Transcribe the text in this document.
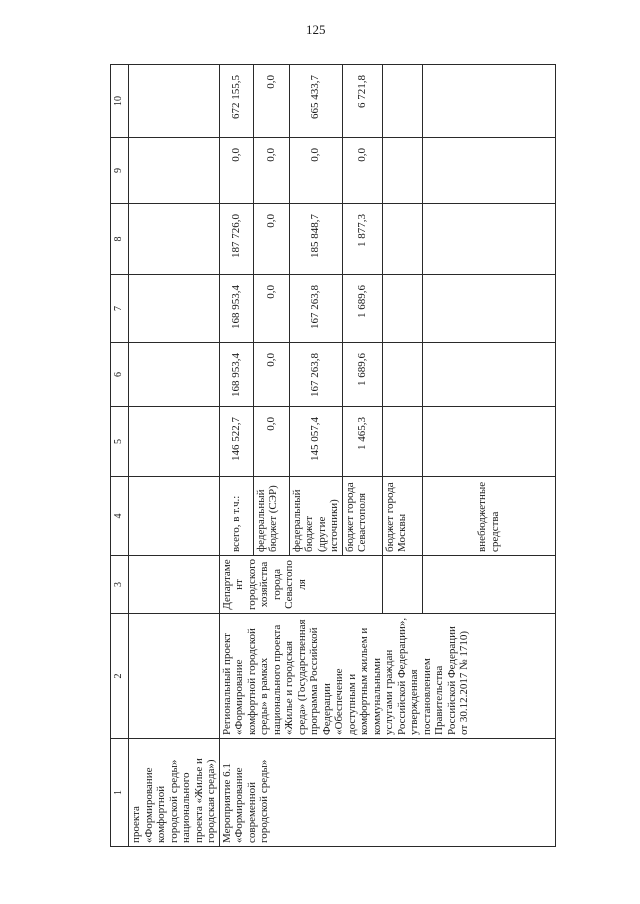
125
1	2	3	4	5	6	7	8	9	10
проекта «Формирование комфортной городской среды» национального проекта «Жилье и городская среда»)									
Мероприятие 6.1 «Формирование современной городской среды»	Региональный проект «Формирование комфортной городской среды» в рамках национального проекта «Жилье и городская среда» (Государственная программа Российской Федерации «Обеспечение доступным и комфортным жильем и коммунальными услугами граждан Российской Федерации», утвержденная постановлением Правительства Российской Федерации от 30.12.2017 № 1710)	Департамент городского хозяйства города Севастополя	всего, в т.ч.:	146 522,7	168 953,4	168 953,4	187 726,0	0,0	672 155,5
			федеральный бюджет (СЭР)	0,0	0,0	0,0	0,0	0,0	0,0
			федеральный бюджет (другие источники)	145 057,4	167 263,8	167 263,8	185 848,7	0,0	665 433,7
			бюджет города Севастополя	1 465,3	1 689,6	1 689,6	1 877,3	0,0	6 721,8
			бюджет города Москвы						
			внебюджетные средства						
